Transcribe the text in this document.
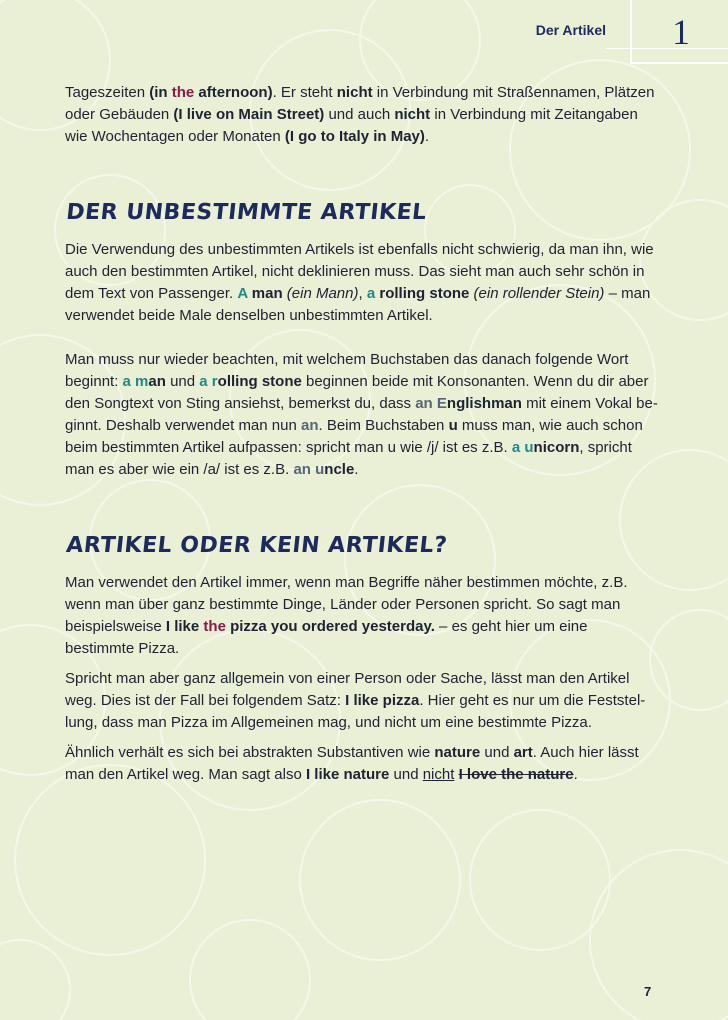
Der Artikel 1

Tageszeiten (in the afternoon). Er steht nicht in Verbindung mit Straßennamen, Plätzen oder Gebäuden (I live on Main Street) und auch nicht in Verbindung mit Zeitangaben wie Wochentagen oder Monaten (I go to Italy in May).

DER UNBESTIMMTE ARTIKEL

Die Verwendung des unbestimmten Artikels ist ebenfalls nicht schwierig, da man ihn, wie auch den bestimmten Artikel, nicht deklinieren muss. Das sieht man auch sehr schön in dem Text von Passenger. A man (ein Mann), a rolling stone (ein rollender Stein) – man verwendet beide Male denselben unbestimmten Artikel.

Man muss nur wieder beachten, mit welchem Buchstaben das danach folgende Wort beginnt: a man und a rolling stone beginnen beide mit Konsonanten. Wenn du dir aber den Songtext von Sting ansiehst, bemerkst du, dass an Englishman mit einem Vokal be-ginnt. Deshalb verwendet man nun an. Beim Buchstaben u muss man, wie auch schon beim bestimmten Artikel aufpassen: spricht man u wie /j/ ist es z.B. a unicorn, spricht man es aber wie ein /a/ ist es z.B. an uncle.

ARTIKEL ODER KEIN ARTIKEL?

Man verwendet den Artikel immer, wenn man Begriffe näher bestimmen möchte, z.B. wenn man über ganz bestimmte Dinge, Länder oder Personen spricht. So sagt man beispielsweise I like the pizza you ordered yesterday. – es geht hier um eine bestimmte Pizza.

Spricht man aber ganz allgemein von einer Person oder Sache, lässt man den Artikel weg. Dies ist der Fall bei folgendem Satz: I like pizza. Hier geht es nur um die Feststel-lung, dass man Pizza im Allgemeinen mag, und nicht um eine bestimmte Pizza.

Ähnlich verhält es sich bei abstrakten Substantiven wie nature und art. Auch hier lässt man den Artikel weg. Man sagt also I like nature und nicht I love the nature.

7
